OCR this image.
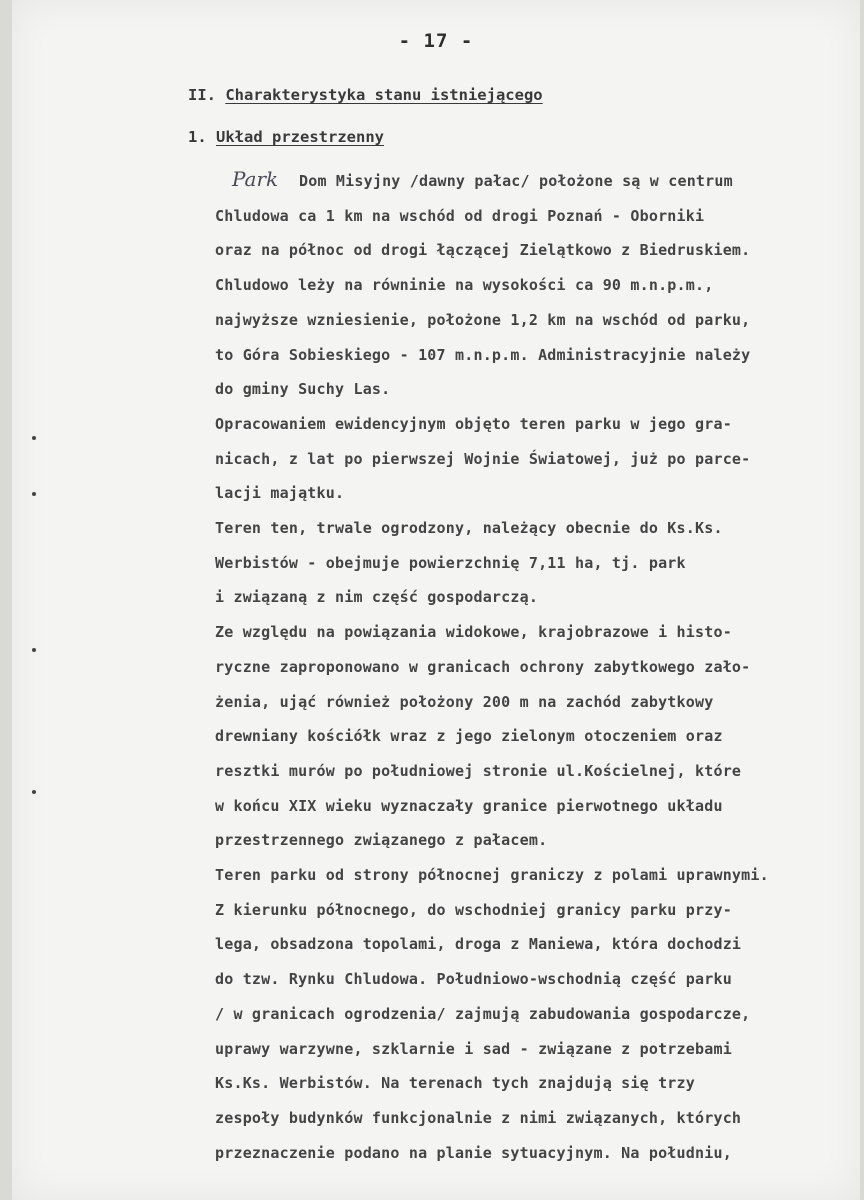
- 17 -
II. Charakterystyka stanu istniejącego
1. Układ przestrzenny
Park Dom Misyjny /dawny pałac/ położone są w centrum
Chludowa ca 1 km na wschód od drogi Poznań - Oborniki
oraz na północ od drogi łączącej Zielątkowo z Biedruskiem.
Chludowo leży na równinie na wysokości ca 90 m.n.p.m.,
najwyższe wzniesienie, położone 1,2 km na wschód od parku,
to Góra Sobieskiego - 107 m.n.p.m. Administracyjnie należy
do gminy Suchy Las.
Opracowaniem ewidencyjnym objęto teren parku w jego gra-
nicach, z lat po pierwszej Wojnie Światowej, już po parce-
lacji majątku.
Teren ten, trwale ogrodzony, należący obecnie do Ks.Ks.
Werbistów - obejmuje powierzchnię 7,11 ha, tj. park
i związaną z nim część gospodarczą.
Ze względu na powiązania widokowe, krajobrazowe i histo-
ryczne zaproponowano w granicach ochrony zabytkowego zało-
żenia, ująć również położony 200 m na zachód zabytkowy
drewniany kościółk wraz z jego zielonym otoczeniem oraz
resztki murów po południowej stronie ul.Kościelnej, które
w końcu XIX wieku wyznaczały granice pierwotnego układu
przestrzennego związanego z pałacem.
Teren parku od strony północnej graniczy z polami uprawnymi.
Z kierunku północnego, do wschodniej granicy parku przy-
lega, obsadzona topolami, droga z Maniewa, która dochodzi
do tzw. Rynku Chludowa. Południowo-wschodnią część parku
/ w granicach ogrodzenia/ zajmują zabudowania gospodarcze,
uprawy warzywne, szklarnie i sad - związane z potrzebami
Ks.Ks. Werbistów. Na terenach tych znajdują się trzy
zespoły budynków funkcjonalnie z nimi związanych, których
przeznaczenie podano na planie sytuacyjnym. Na południu,
